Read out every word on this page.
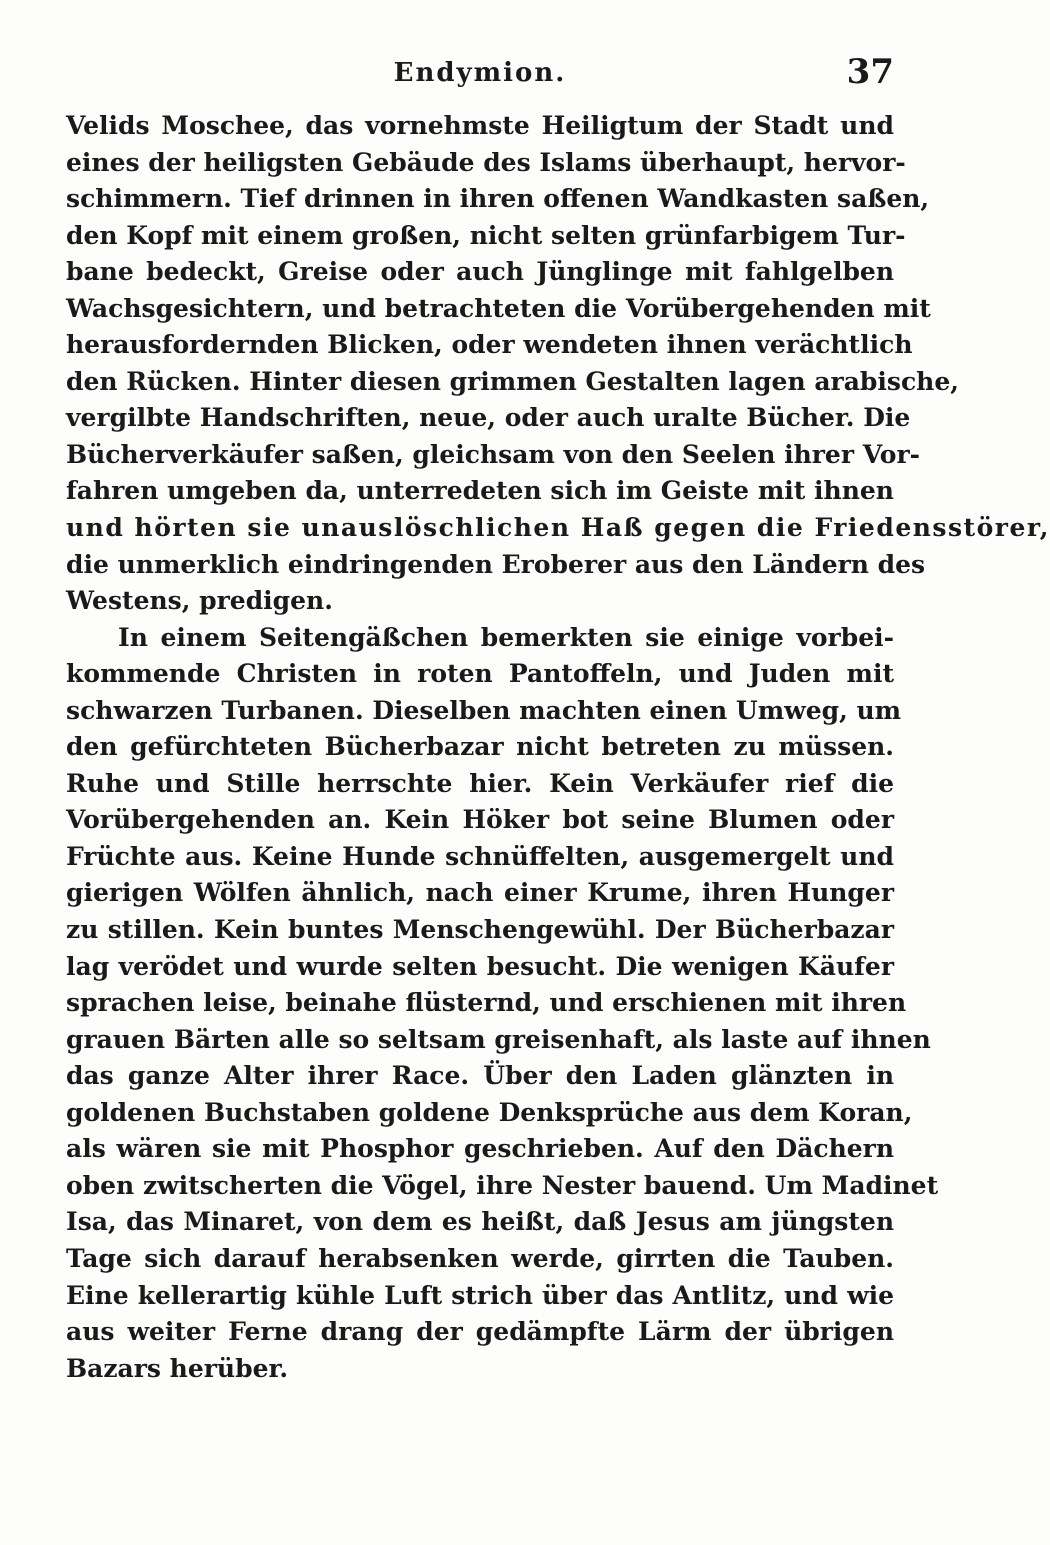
Endymion.	37
Velids Moschee, das vornehmste Heiligtum der Stadt und
eines der heiligsten Gebäude des Islams überhaupt, hervor-
schimmern. Tief drinnen in ihren offenen Wandkasten saßen,
den Kopf mit einem großen, nicht selten grünfarbigem Tur-
bane bedeckt, Greise oder auch Jünglinge mit fahlgelben
Wachsgesichtern, und betrachteten die Vorübergehenden mit
herausfordernden Blicken, oder wendeten ihnen verächtlich
den Rücken. Hinter diesen grimmen Gestalten lagen arabische,
vergilbte Handschriften, neue, oder auch uralte Bücher. Die
Bücherverkäufer saßen, gleichsam von den Seelen ihrer Vor-
fahren umgeben da, unterredeten sich im Geiste mit ihnen
und hörten sie unauslöschlichen Haß gegen die Friedensstörer,
die unmerklich eindringenden Eroberer aus den Ländern des
Westens, predigen.
In einem Seitengäßchen bemerkten sie einige vorbei-
kommende Christen in roten Pantoffeln, und Juden mit
schwarzen Turbanen. Dieselben machten einen Umweg, um
den gefürchteten Bücherbazar nicht betreten zu müssen.
Ruhe und Stille herrschte hier. Kein Verkäufer rief die
Vorübergehenden an. Kein Höker bot seine Blumen oder
Früchte aus. Keine Hunde schnüffelten, ausgemergelt und
gierigen Wölfen ähnlich, nach einer Krume, ihren Hunger
zu stillen. Kein buntes Menschengewühl. Der Bücherbazar
lag verödet und wurde selten besucht. Die wenigen Käufer
sprachen leise, beinahe flüsternd, und erschienen mit ihren
grauen Bärten alle so seltsam greisenhaft, als laste auf ihnen
das ganze Alter ihrer Race. Über den Laden glänzten in
goldenen Buchstaben goldene Denksprüche aus dem Koran,
als wären sie mit Phosphor geschrieben. Auf den Dächern
oben zwitscherten die Vögel, ihre Nester bauend. Um Madinet
Isa, das Minaret, von dem es heißt, daß Jesus am jüngsten
Tage sich darauf herabsenken werde, girrten die Tauben.
Eine kellerartig kühle Luft strich über das Antlitz, und wie
aus weiter Ferne drang der gedämpfte Lärm der übrigen
Bazars herüber.
